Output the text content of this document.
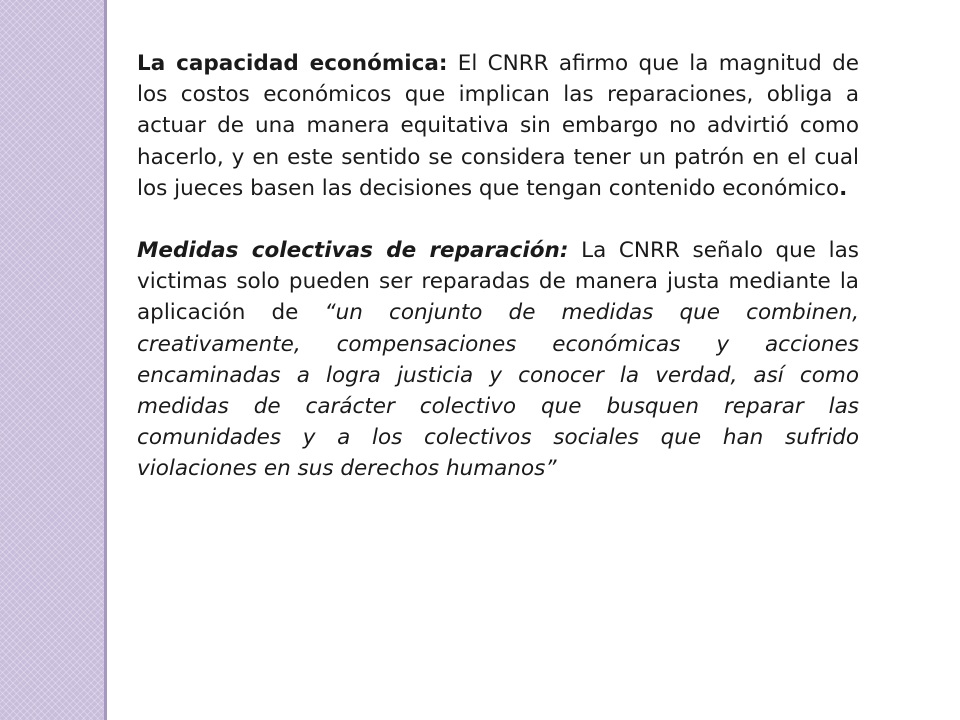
La capacidad económica: El CNRR afirmo que la magnitud de los costos económicos que implican las reparaciones, obliga a actuar de una manera equitativa sin embargo no advirtió como hacerlo, y en este sentido se considera tener un patrón en el cual los jueces basen las decisiones que tengan contenido económico.

Medidas colectivas de reparación: La CNRR señalo que las victimas solo pueden ser reparadas de manera justa mediante la aplicación de “un conjunto de medidas que combinen, creativamente, compensaciones económicas y acciones encaminadas a logra justicia y conocer la verdad, así como medidas de carácter colectivo que busquen reparar las comunidades y a los colectivos sociales que han sufrido violaciones en sus derechos humanos”
